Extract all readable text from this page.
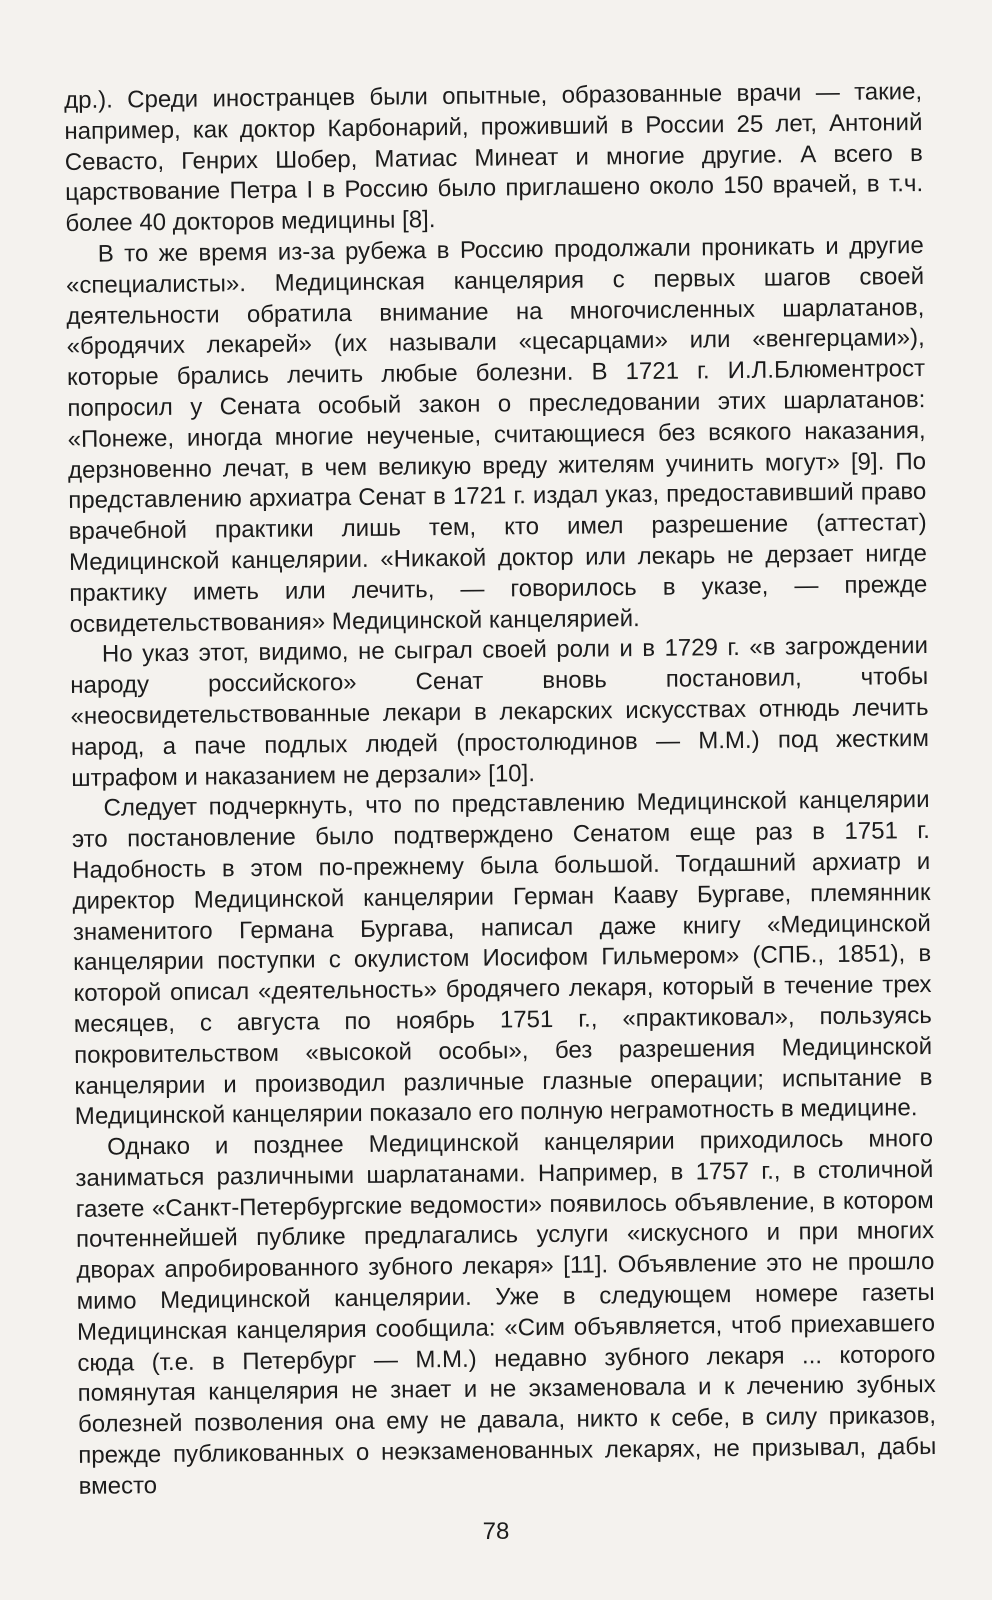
др.). Среди иностранцев были опытные, образованные врачи — такие, например, как доктор Карбонарий, проживший в России 25 лет, Антоний Севасто, Генрих Шобер, Матиас Минеат и многие другие. А всего в царствование Петра I в Россию было приглашено около 150 врачей, в т.ч. более 40 докторов медицины [8].

В то же время из-за рубежа в Россию продолжали проникать и другие «специалисты». Медицинская канцелярия с первых шагов своей деятельности обратила внимание на многочисленных шарлатанов, «бродячих лекарей» (их называли «цесарцами» или «венгерцами»), которые брались лечить любые болезни. В 1721 г. И.Л.Блюментрост попросил у Сената особый закон о преследовании этих шарлатанов: «Понеже, иногда многие неученые, считающиеся без всякого наказания, дерзновенно лечат, в чем великую вреду жителям учинить могут» [9]. По представлению архиатра Сенат в 1721 г. издал указ, предоставивший право врачебной практики лишь тем, кто имел разрешение (аттестат) Медицинской канцелярии. «Никакой доктор или лекарь не дерзает нигде практику иметь или лечить, — говорилось в указе, — прежде освидетельствования» Медицинской канцелярией.

Но указ этот, видимо, не сыграл своей роли и в 1729 г. «в загрождении народу российского» Сенат вновь постановил, чтобы «неосвидетельствованные лекари в лекарских искусствах отнюдь лечить народ, а паче подлых людей (простолюдинов — М.М.) под жестким штрафом и наказанием не дерзали» [10].

Следует подчеркнуть, что по представлению Медицинской канцелярии это постановление было подтверждено Сенатом еще раз в 1751 г. Надобность в этом по-прежнему была большой. Тогдашний архиатр и директор Медицинской канцелярии Герман Кааву Бургаве, племянник знаменитого Германа Бургава, написал даже книгу «Медицинской канцелярии поступки с окулистом Иосифом Гильмером» (СПБ., 1851), в которой описал «деятельность» бродячего лекаря, который в течение трех месяцев, с августа по ноябрь 1751 г., «практиковал», пользуясь покровительством «высокой особы», без разрешения Медицинской канцелярии и производил различные глазные операции; испытание в Медицинской канцелярии показало его полную неграмотность в медицине.

Однако и позднее Медицинской канцелярии приходилось много заниматься различными шарлатанами. Например, в 1757 г., в столичной газете «Санкт-Петербургские ведомости» появилось объявление, в котором почтеннейшей публике предлагались услуги «искусного и при многих дворах апробированного зубного лекаря» [11]. Объявление это не прошло мимо Медицинской канцелярии. Уже в следующем номере газеты Медицинская канцелярия сообщила: «Сим объявляется, чтоб приехавшего сюда (т.е. в Петербург — М.М.) недавно зубного лекаря ... которого помянутая канцелярия не знает и не экзаменовала и к лечению зубных болезней позволения она ему не давала, никто к себе, в силу приказов, прежде публикованных о неэкзаменованных лекарях, не призывал, дабы вместо

78
